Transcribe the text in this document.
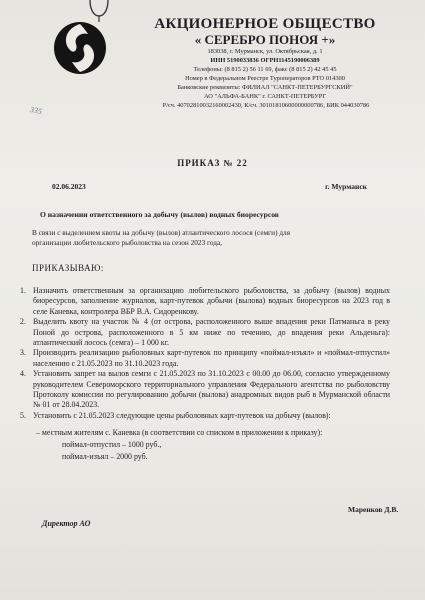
335
АКЦИОНЕРНОЕ ОБЩЕСТВО
« СЕРЕБРО ПОНОЯ +»
183038, г. Мурманск, ул. Октябрьская, д. 1
ИНН 5190033836 ОГРН1145190006389
Телефоны: (8 815 2) 56 11 69, факс (8 815 2) 42 45 45
Номер в Федеральном Реестре Туроператоров РТО 014300
Банковские реквизиты: ФИЛИАЛ "САНКТ-ПЕТЕРБУРГСКИЙ"
АО "АЛЬФА-БАНК" г. САНКТ-ПЕТЕРБУРГ
Р/сч. 40702810032160002430, К/сч. 30101810600000000786, БИК 044030786
ПРИКАЗ № 22
02.06.2023	г. Мурманск
О назначении ответственного за добычу (вылов) водных биоресурсов
В связи с выделением квоты на добычу (вылов) атлантического лосося (семги) для
организации любительского рыболовства на сезон 2023 года,
ПРИКАЗЫВАЮ:
1. Назначить ответственным за организацию любительского рыболовства, за добычу (вылов) водных биоресурсов, заполнение журналов, карт-путевок добычи (вылова) водных биоресурсов на 2023 год в селе Каневка, контролера ВБР В.А. Сидоренкову.
2. Выделить квоту на участок № 4 (от острова, расположенного выше впадения реки Патманьга в реку Поной до острова, расположенного в 5 км ниже по течению, до впадения реки Альденьга): атлантический лосось (семга) – 1 000 кг.
3. Производить реализацию рыболовных карт-путевок по принципу «поймал-изъял» и «поймал-отпустил» населению с 21.05.2023 по 31.10.2023 года.
4. Установить запрет на вылов семги с 21.05.2023 по 31.10.2023 с 00.00 до 06.00, согласно утвержденному руководителем Североморского территориального управления Федерального агентства по рыболовству Протоколу комиссии по регулированию добычи (вылова) анадромных видов рыб в Мурманской области № 01 от 28.04.2023.
5. Установить с 21.05.2023 следующие цены рыболовных карт-путевок на добычу (вылов):
– местным жителям с. Каневка (в соответствии со списком в приложении к приказу):
поймал-отпустил – 1000 руб.,
поймал-изъял – 2000 руб.
Директор АО
Маренков Д.В.
